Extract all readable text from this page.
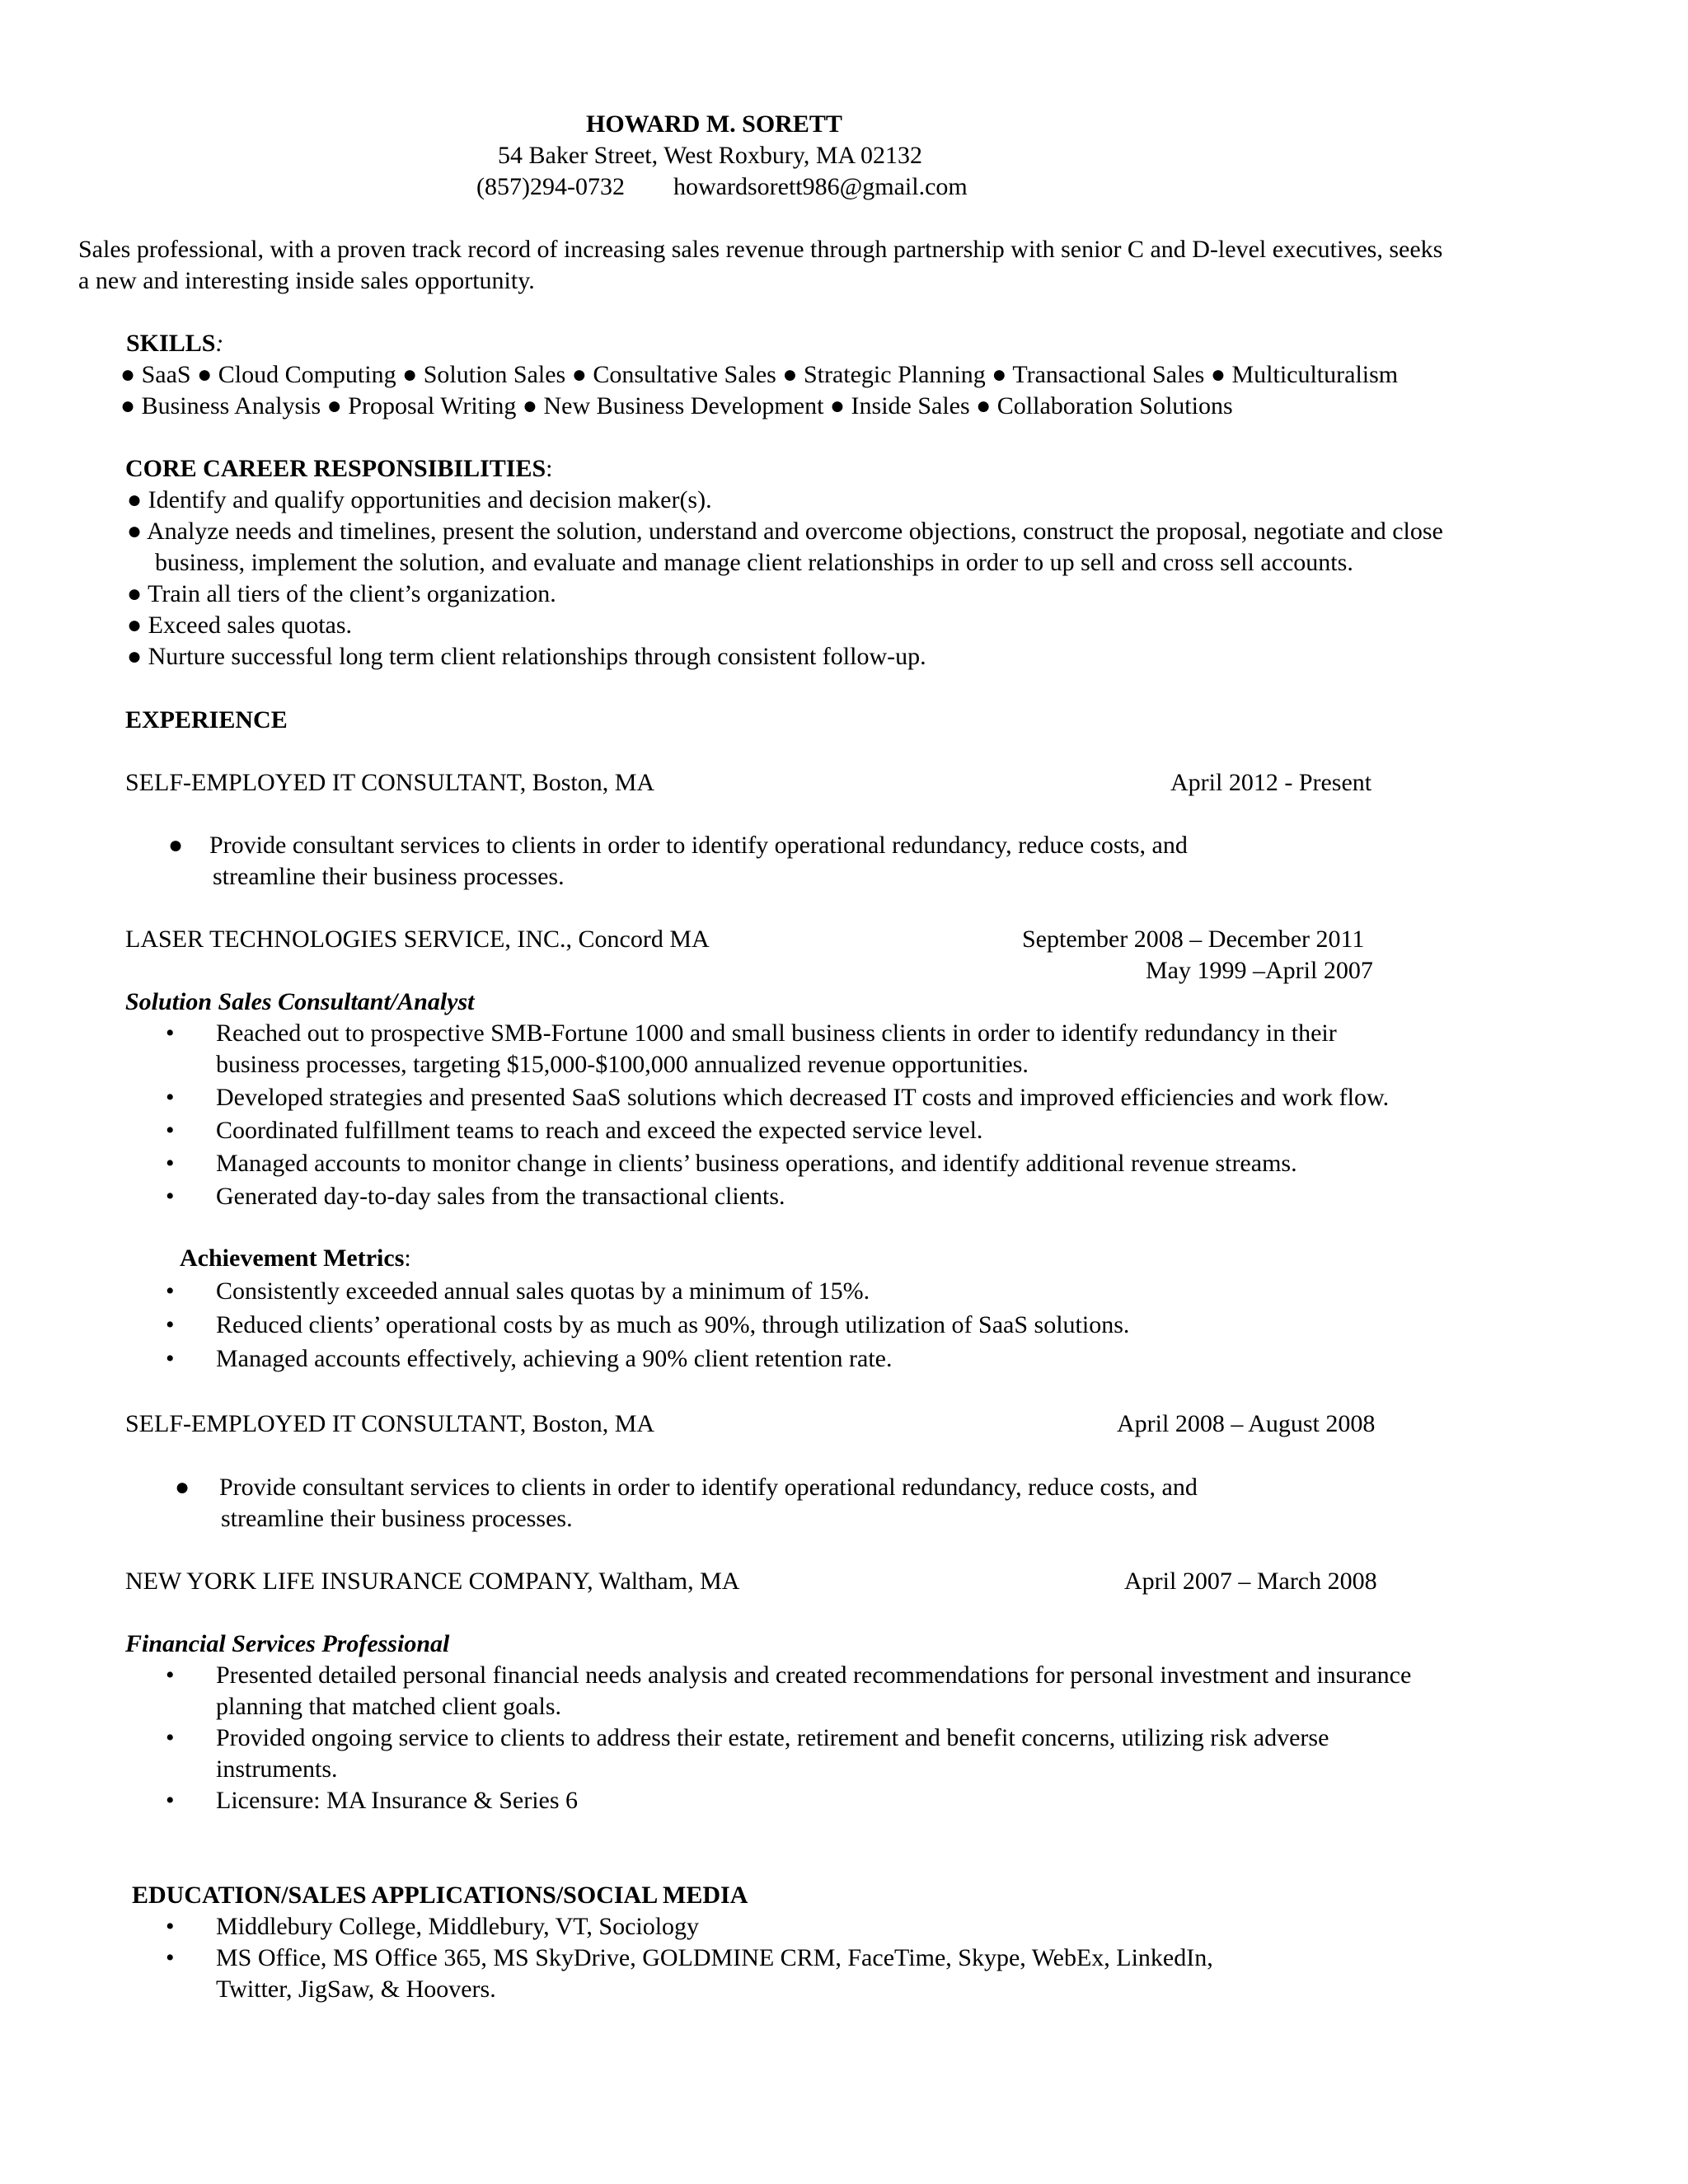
HOWARD M. SORETT
54 Baker Street, West Roxbury, MA 02132
(857)294-0732 howardsorett986@gmail.com
Sales professional, with a proven track record of increasing sales revenue through partnership with senior C and D-level executives, seeks
a new and interesting inside sales opportunity.
SKILLS:
● SaaS ● Cloud Computing ● Solution Sales ● Consultative Sales ● Strategic Planning ● Transactional Sales ● Multiculturalism
● Business Analysis ● Proposal Writing ● New Business Development ● Inside Sales ● Collaboration Solutions
CORE CAREER RESPONSIBILITIES:
● Identify and qualify opportunities and decision maker(s).
● Analyze needs and timelines, present the solution, understand and overcome objections, construct the proposal, negotiate and close
business, implement the solution, and evaluate and manage client relationships in order to up sell and cross sell accounts.
● Train all tiers of the client’s organization.
● Exceed sales quotas.
● Nurture successful long term client relationships through consistent follow-up.
EXPERIENCE
SELF-EMPLOYED IT CONSULTANT, Boston, MA	April 2012 - Present
● Provide consultant services to clients in order to identify operational redundancy, reduce costs, and
streamline their business processes.
LASER TECHNOLOGIES SERVICE, INC., Concord MA	September 2008 – December 2011
May 1999 –April 2007
Solution Sales Consultant/Analyst
• Reached out to prospective SMB-Fortune 1000 and small business clients in order to identify redundancy in their
business processes, targeting $15,000-$100,000 annualized revenue opportunities.
• Developed strategies and presented SaaS solutions which decreased IT costs and improved efficiencies and work flow.
• Coordinated fulfillment teams to reach and exceed the expected service level.
• Managed accounts to monitor change in clients’ business operations, and identify additional revenue streams.
• Generated day-to-day sales from the transactional clients.
Achievement Metrics:
• Consistently exceeded annual sales quotas by a minimum of 15%.
• Reduced clients’ operational costs by as much as 90%, through utilization of SaaS solutions.
• Managed accounts effectively, achieving a 90% client retention rate.
SELF-EMPLOYED IT CONSULTANT, Boston, MA	April 2008 – August 2008
● Provide consultant services to clients in order to identify operational redundancy, reduce costs, and
streamline their business processes.
NEW YORK LIFE INSURANCE COMPANY, Waltham, MA	April 2007 – March 2008
Financial Services Professional
• Presented detailed personal financial needs analysis and created recommendations for personal investment and insurance
planning that matched client goals.
• Provided ongoing service to clients to address their estate, retirement and benefit concerns, utilizing risk adverse
instruments.
• Licensure: MA Insurance & Series 6
EDUCATION/SALES APPLICATIONS/SOCIAL MEDIA
• Middlebury College, Middlebury, VT, Sociology
• MS Office, MS Office 365, MS SkyDrive, GOLDMINE CRM, FaceTime, Skype, WebEx, LinkedIn,
Twitter, JigSaw, & Hoovers.
